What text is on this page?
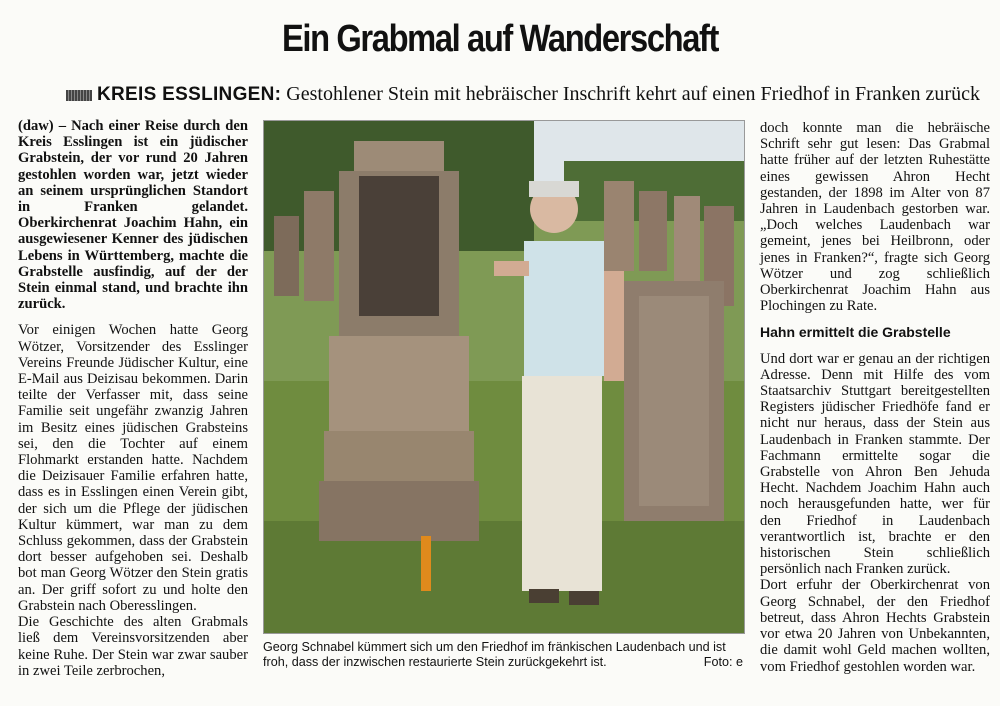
Ein Grabmal auf Wanderschaft
KREIS ESSLINGEN: Gestohlener Stein mit hebräischer Inschrift kehrt auf einen Friedhof in Franken zurück

(daw) – Nach einer Reise durch den Kreis Esslingen ist ein jüdischer Grabstein, der vor rund 20 Jahren gestohlen worden war, jetzt wieder an seinem ursprünglichen Standort in Franken gelandet. Oberkirchenrat Joachim Hahn, ein ausgewiesener Kenner des jüdischen Lebens in Württemberg, machte die Grabstelle ausfindig, auf der der Stein einmal stand, und brachte ihn zurück.

Vor einigen Wochen hatte Georg Wötzer, Vorsitzender des Esslinger Vereins Freunde Jüdischer Kultur, eine E-Mail aus Deizisau bekommen. Darin teilte der Verfasser mit, dass seine Familie seit ungefähr zwanzig Jahren im Besitz eines jüdischen Grabsteins sei, den die Tochter auf einem Flohmarkt erstanden hatte. Nachdem die Deizisauer Familie erfahren hatte, dass es in Esslingen einen Verein gibt, der sich um die Pflege der jüdischen Kultur kümmert, war man zu dem Schluss gekommen, dass der Grabstein dort besser aufgehoben sei. Deshalb bot man Georg Wötzer den Stein gratis an. Der griff sofort zu und holte den Grabstein nach Oberesslingen.

Die Geschichte des alten Grabmals ließ dem Vereinsvorsitzenden aber keine Ruhe. Der Stein war zwar sauber in zwei Teile zerbrochen,

Georg Schnabel kümmert sich um den Friedhof im fränkischen Laudenbach und ist froh, dass der inzwischen restaurierte Stein zurückgekehrt ist.	Foto: e

doch konnte man die hebräische Schrift sehr gut lesen: Das Grabmal hatte früher auf der letzten Ruhestätte eines gewissen Ahron Hecht gestanden, der 1898 im Alter von 87 Jahren in Laudenbach gestorben war. „Doch welches Laudenbach war gemeint, jenes bei Heilbronn, oder jenes in Franken?“, fragte sich Georg Wötzer und zog schließlich Oberkirchenrat Joachim Hahn aus Plochingen zu Rate.

Hahn ermittelt die Grabstelle

Und dort war er genau an der richtigen Adresse. Denn mit Hilfe des vom Staatsarchiv Stuttgart bereitgestellten Registers jüdischer Friedhöfe fand er nicht nur heraus, dass der Stein aus Laudenbach in Franken stammte. Der Fachmann ermittelte sogar die Grabstelle von Ahron Ben Jehuda Hecht. Nachdem Joachim Hahn auch noch herausgefunden hatte, wer für den Friedhof in Laudenbach verantwortlich ist, brachte er den historischen Stein schließlich persönlich nach Franken zurück.

Dort erfuhr der Oberkirchenrat von Georg Schnabel, der den Friedhof betreut, dass Ahron Hechts Grabstein vor etwa 20 Jahren von Unbekannten, die damit wohl Geld machen wollten, vom Friedhof gestohlen worden war.
